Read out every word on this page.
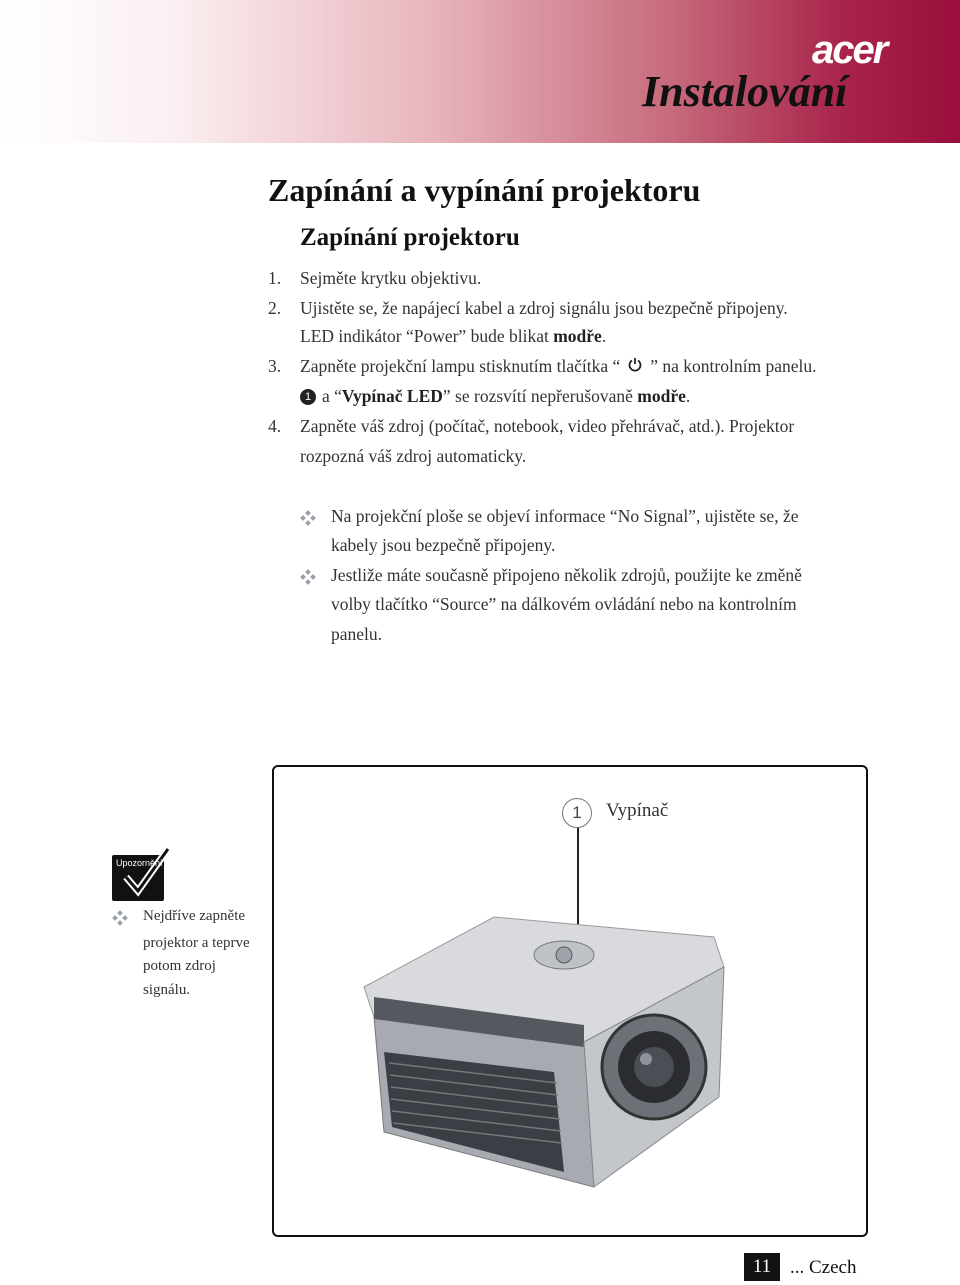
acer
Instalování
Zapínání a vypínání projektoru
Zapínání projektoru
1. Sejměte krytku objektivu.
2. Ujistěte se, že napájecí kabel a zdroj signálu jsou bezpečně připojeny.
LED indikátor “Power” bude blikat modře.
3. Zapněte projekční lampu stisknutím tlačítka “ ” na kontrolním panelu.
1 a “Vypínač LED” se rozsvítí nepřerušovaně modře.
4. Zapněte váš zdroj (počítač, notebook, video přehrávač, atd.). Projektor
rozpozná váš zdroj automaticky.
Na projekční ploše se objeví informace “No Signal”, ujistěte se, že
kabely jsou bezpečně připojeny.
Jestliže máte současně připojeno několik zdrojů, použijte ke změně
volby tlačítko “Source” na dálkovém ovládání nebo na kontrolním
panelu.
1	Vypínač
Upozornění
Nejdříve zapněte
projektor a teprve
potom zdroj
signálu.
11 ... Czech
